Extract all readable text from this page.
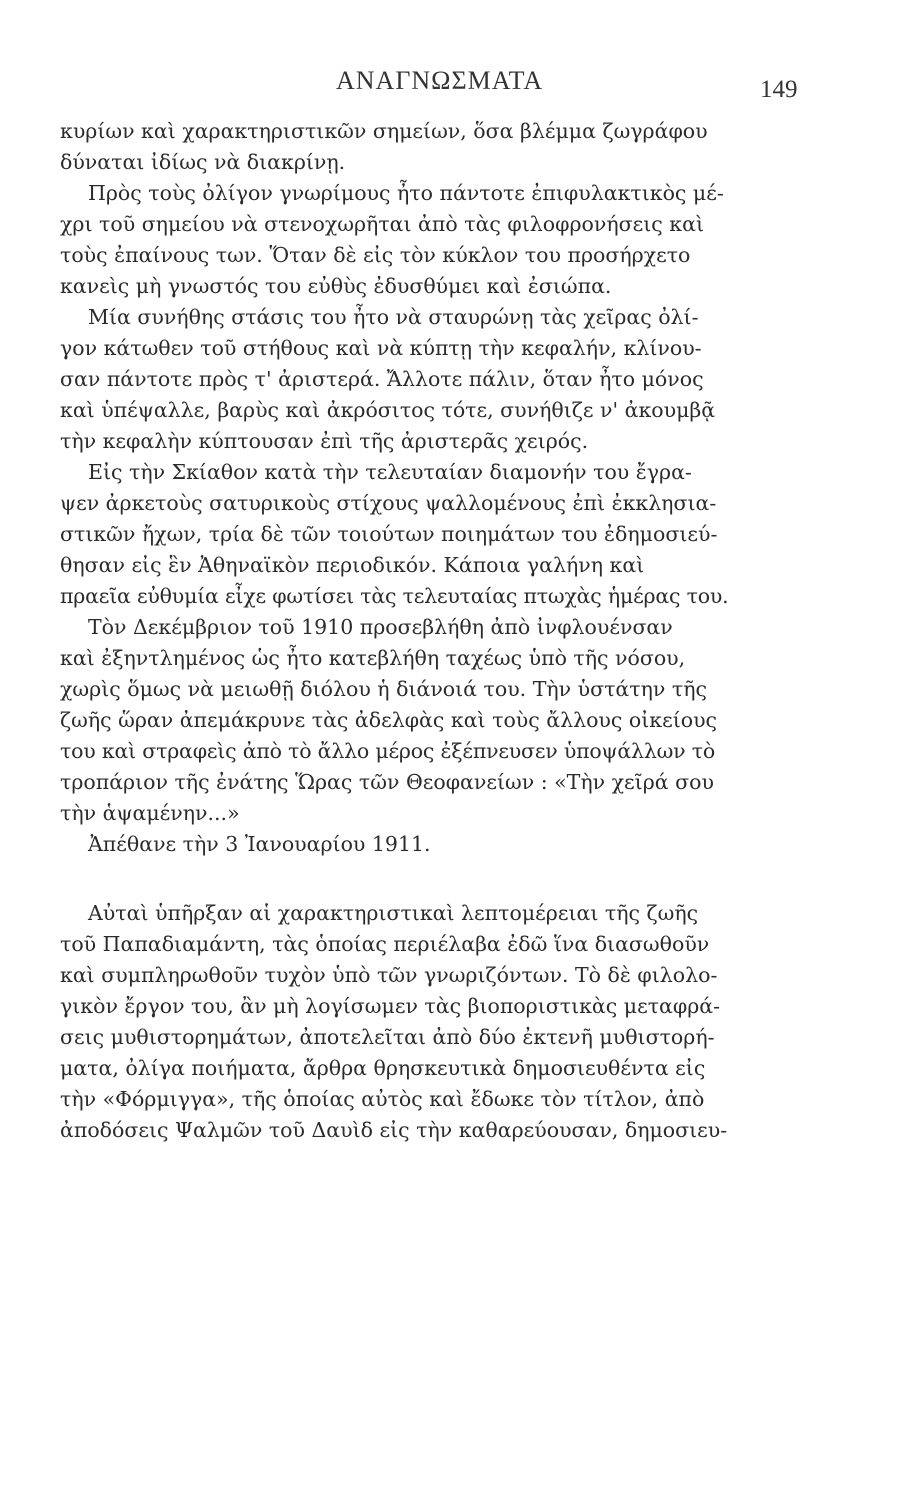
ΑΝΑΓΝΩΣΜΑΤΑ	149
κυρίων καὶ χαρακτηριστικῶν σημείων, ὅσα βλέμμα ζωγράφου
δύναται ἰδίως νὰ διακρίνῃ.
Πρὸς τοὺς ὀλίγον γνωρίμους ἦτο πάντοτε ἐπιφυλακτικὸς μέ-
χρι τοῦ σημείου νὰ στενοχωρῆται ἀπὸ τὰς φιλοφρονήσεις καὶ
τοὺς ἐπαίνους των. Ὅταν δὲ εἰς τὸν κύκλον του προσήρχετο
κανεὶς μὴ γνωστός του εὐθὺς ἐδυσθύμει καὶ ἐσιώπα.
Μία συνήθης στάσις του ἦτο νὰ σταυρώνῃ τὰς χεῖρας ὀλί-
γον κάτωθεν τοῦ στήθους καὶ νὰ κύπτῃ τὴν κεφαλήν, κλίνου-
σαν πάντοτε πρὸς τ' ἀριστερά. Ἄλλοτε πάλιν, ὅταν ἦτο μόνος
καὶ ὑπέψαλλε, βαρὺς καὶ ἀκρόσιτος τότε, συνήθιζε ν' ἀκουμβᾷ
τὴν κεφαλὴν κύπτουσαν ἐπὶ τῆς ἀριστερᾶς χειρός.
Εἰς τὴν Σκίαθον κατὰ τὴν τελευταίαν διαμονήν του ἔγρα-
ψεν ἀρκετοὺς σατυρικοὺς στίχους ψαλλομένους ἐπὶ ἐκκλησια-
στικῶν ἤχων, τρία δὲ τῶν τοιούτων ποιημάτων του ἐδημοσιεύ-
θησαν εἰς ἓν Ἀθηναϊκὸν περιοδικόν. Κάποια γαλήνη καὶ
πραεῖα εὐθυμία εἶχε φωτίσει τὰς τελευταίας πτωχὰς ἡμέρας του.
Τὸν Δεκέμβριον τοῦ 1910 προσεβλήθη ἀπὸ ἰνφλουένσαν
καὶ ἐξηντλημένος ὡς ἦτο κατεβλήθη ταχέως ὑπὸ τῆς νόσου,
χωρὶς ὅμως νὰ μειωθῇ διόλου ἡ διάνοιά του. Τὴν ὑστάτην τῆς
ζωῆς ὥραν ἀπεμάκρυνε τὰς ἀδελφὰς καὶ τοὺς ἄλλους οἰκείους
του καὶ στραφεὶς ἀπὸ τὸ ἄλλο μέρος ἐξέπνευσεν ὑποψάλλων τὸ
τροπάριον τῆς ἐνάτης Ὥρας τῶν Θεοφανείων : «Τὴν χεῖρά σου
τὴν ἁψαμένην...»
Ἀπέθανε τὴν 3 Ἰανουαρίου 1911.
Αὐταὶ ὑπῆρξαν αἱ χαρακτηριστικαὶ λεπτομέρειαι τῆς ζωῆς
τοῦ Παπαδιαμάντη, τὰς ὁποίας περιέλαβα ἐδῶ ἵνα διασωθοῦν
καὶ συμπληρωθοῦν τυχὸν ὑπὸ τῶν γνωριζόντων. Τὸ δὲ φιλολο-
γικὸν ἔργον του, ἂν μὴ λογίσωμεν τὰς βιοποριστικὰς μεταφρά-
σεις μυθιστορημάτων, ἀποτελεῖται ἀπὸ δύο ἐκτενῆ μυθιστορή-
ματα, ὀλίγα ποιήματα, ἄρθρα θρησκευτικὰ δημοσιευθέντα εἰς
τὴν «Φόρμιγγα», τῆς ὁποίας αὐτὸς καὶ ἔδωκε τὸν τίτλον, ἀπὸ
ἀποδόσεις Ψαλμῶν τοῦ Δαυὶδ εἰς τὴν καθαρεύουσαν, δημοσιευ-
